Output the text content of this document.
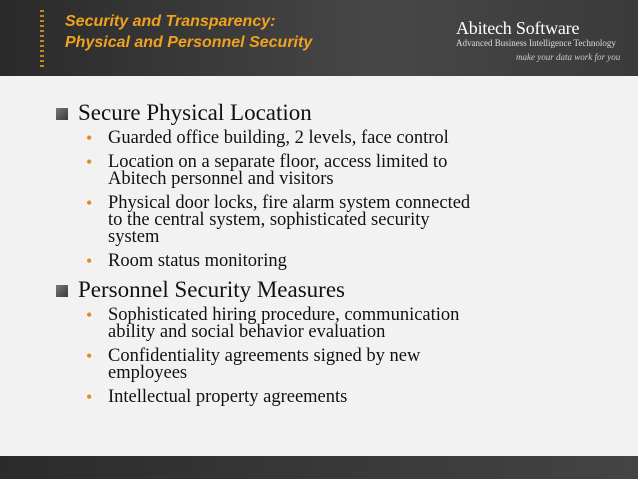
Security and Transparency:
Physical and Personnel Security
Abitech Software
Advanced Business Intelligence Technology
make your data work for you
Secure Physical Location
• Guarded office building, 2 levels, face control
• Location on a separate floor, access limited to
Abitech personnel and visitors
• Physical door locks, fire alarm system connected
to the central system, sophisticated security
system
• Room status monitoring
Personnel Security Measures
• Sophisticated hiring procedure, communication
ability and social behavior evaluation
• Confidentiality agreements signed by new
employees
• Intellectual property agreements
